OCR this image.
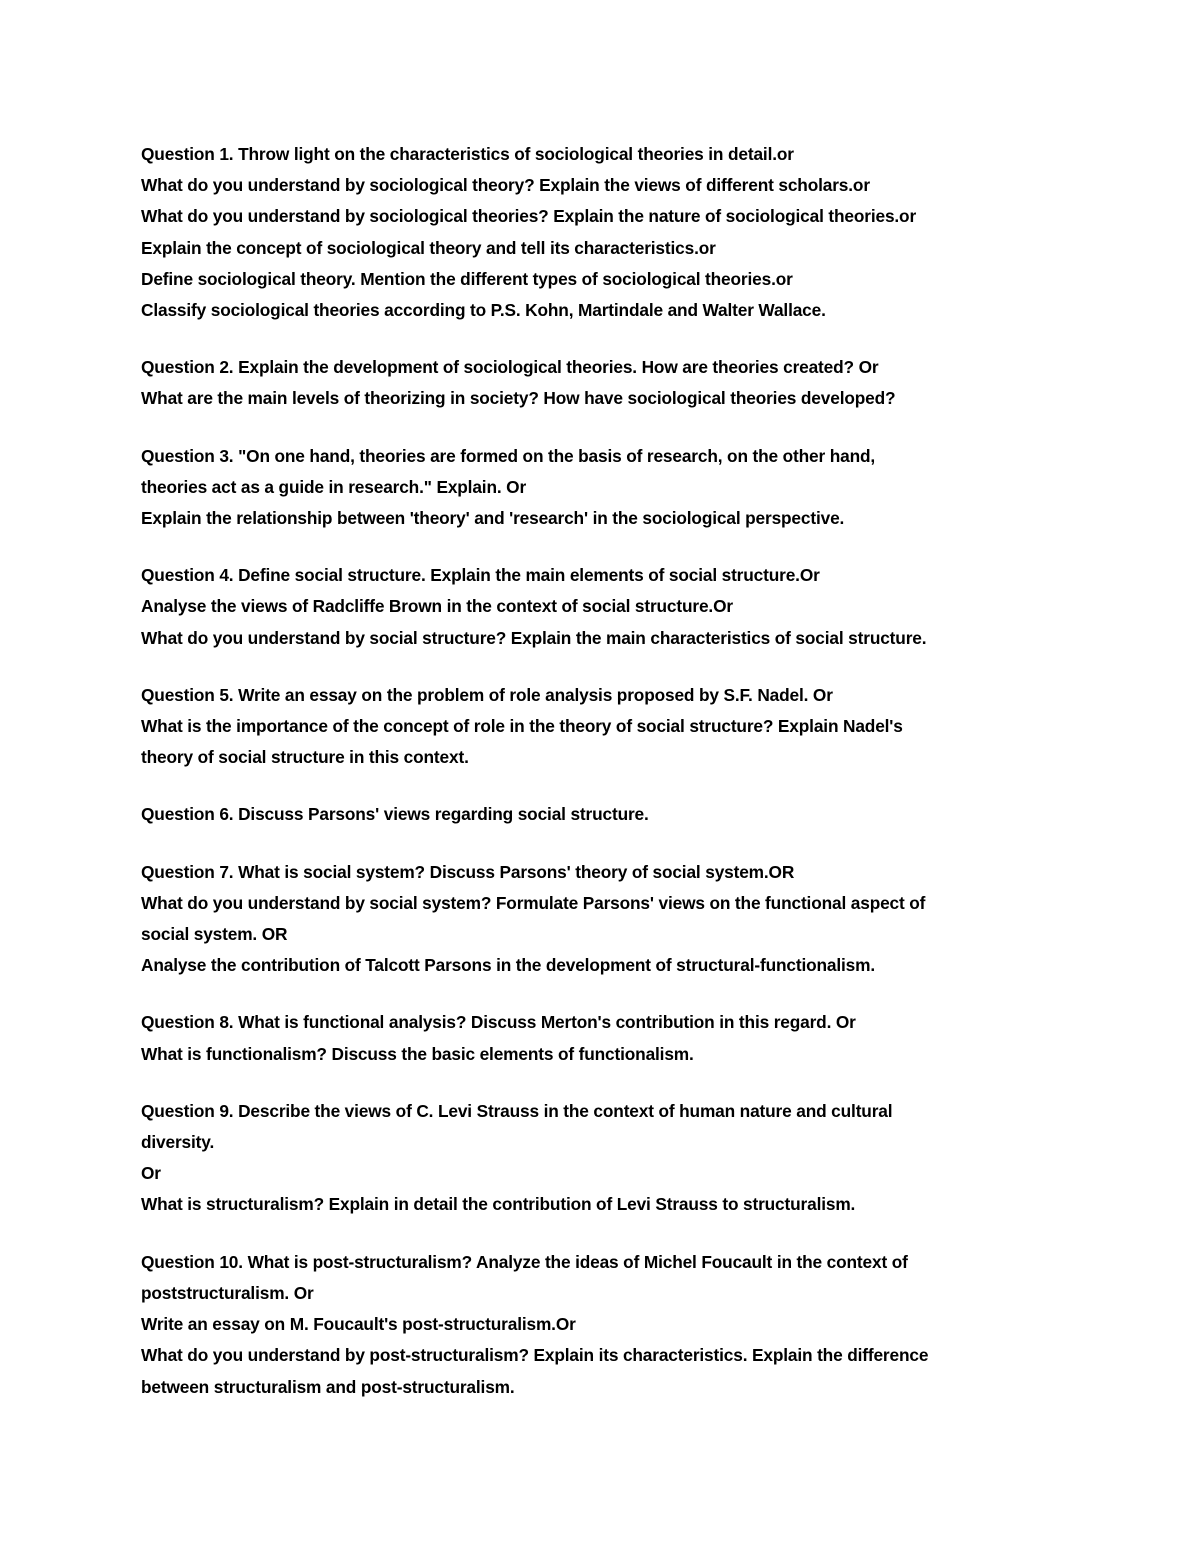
Question 1. Throw light on the characteristics of sociological theories in detail.or
What do you understand by sociological theory? Explain the views of different scholars.or
What do you understand by sociological theories? Explain the nature of sociological theories.or
Explain the concept of sociological theory and tell its characteristics.or
Define sociological theory. Mention the different types of sociological theories.or
Classify sociological theories according to P.S. Kohn, Martindale and Walter Wallace.
Question 2. Explain the development of sociological theories. How are theories created? Or
What are the main levels of theorizing in society? How have sociological theories developed?
Question 3. "On one hand, theories are formed on the basis of research, on the other hand,
theories act as a guide in research." Explain. Or
Explain the relationship between 'theory' and 'research' in the sociological perspective.
Question 4. Define social structure. Explain the main elements of social structure.Or
Analyse the views of Radcliffe Brown in the context of social structure.Or
What do you understand by social structure? Explain the main characteristics of social structure.
Question 5. Write an essay on the problem of role analysis proposed by S.F. Nadel. Or
What is the importance of the concept of role in the theory of social structure? Explain Nadel's
theory of social structure in this context.
Question 6. Discuss Parsons' views regarding social structure.
Question 7. What is social system? Discuss Parsons' theory of social system.OR
What do you understand by social system? Formulate Parsons' views on the functional aspect of
social system. OR
Analyse the contribution of Talcott Parsons in the development of structural-functionalism.
Question 8. What is functional analysis? Discuss Merton's contribution in this regard. Or
What is functionalism? Discuss the basic elements of functionalism.
Question 9. Describe the views of C. Levi Strauss in the context of human nature and cultural
diversity.
Or
What is structuralism? Explain in detail the contribution of Levi Strauss to structuralism.
Question 10. What is post-structuralism? Analyze the ideas of Michel Foucault in the context of
poststructuralism. Or
Write an essay on M. Foucault's post-structuralism.Or
What do you understand by post-structuralism? Explain its characteristics. Explain the difference
between structuralism and post-structuralism.
